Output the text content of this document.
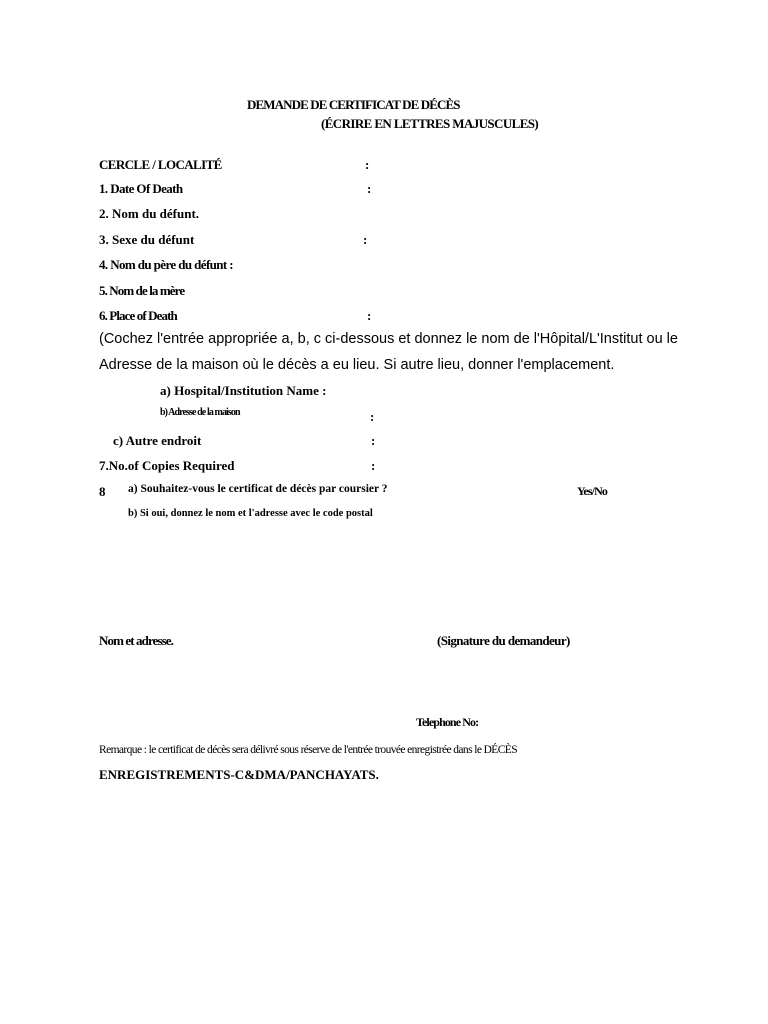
DEMANDE DE CERTIFICAT DE DÉCÈS
(ÉCRIRE EN LETTRES MAJUSCULES)
CERCLE / LOCALITÉ	:
1. Date Of Death	:
2. Nom du défunt.
3. Sexe du défunt	:
4. Nom du père du défunt :
5. Nom de la mère
6. Place of Death	:
(Cochez l'entrée appropriée a, b, c ci-dessous et donnez le nom de l'Hôpital/L'Institut ou le
Adresse de la maison où le décès a eu lieu. Si autre lieu, donner l'emplacement.
a) Hospital/Institution Name :
b) Adresse de la maison	:
c) Autre endroit	:
7.No.of Copies Required	:
8 a) Souhaitez-vous le certificat de décès par coursier ?	Yes/No
b) Si oui, donnez le nom et l'adresse avec le code postal
Nom et adresse.	(Signature du demandeur)
Telephone No:
Remarque : le certificat de décès sera délivré sous réserve de l'entrée trouvée enregistrée dans le DÉCÈS
ENREGISTREMENTS-C&DMA/PANCHAYATS.
